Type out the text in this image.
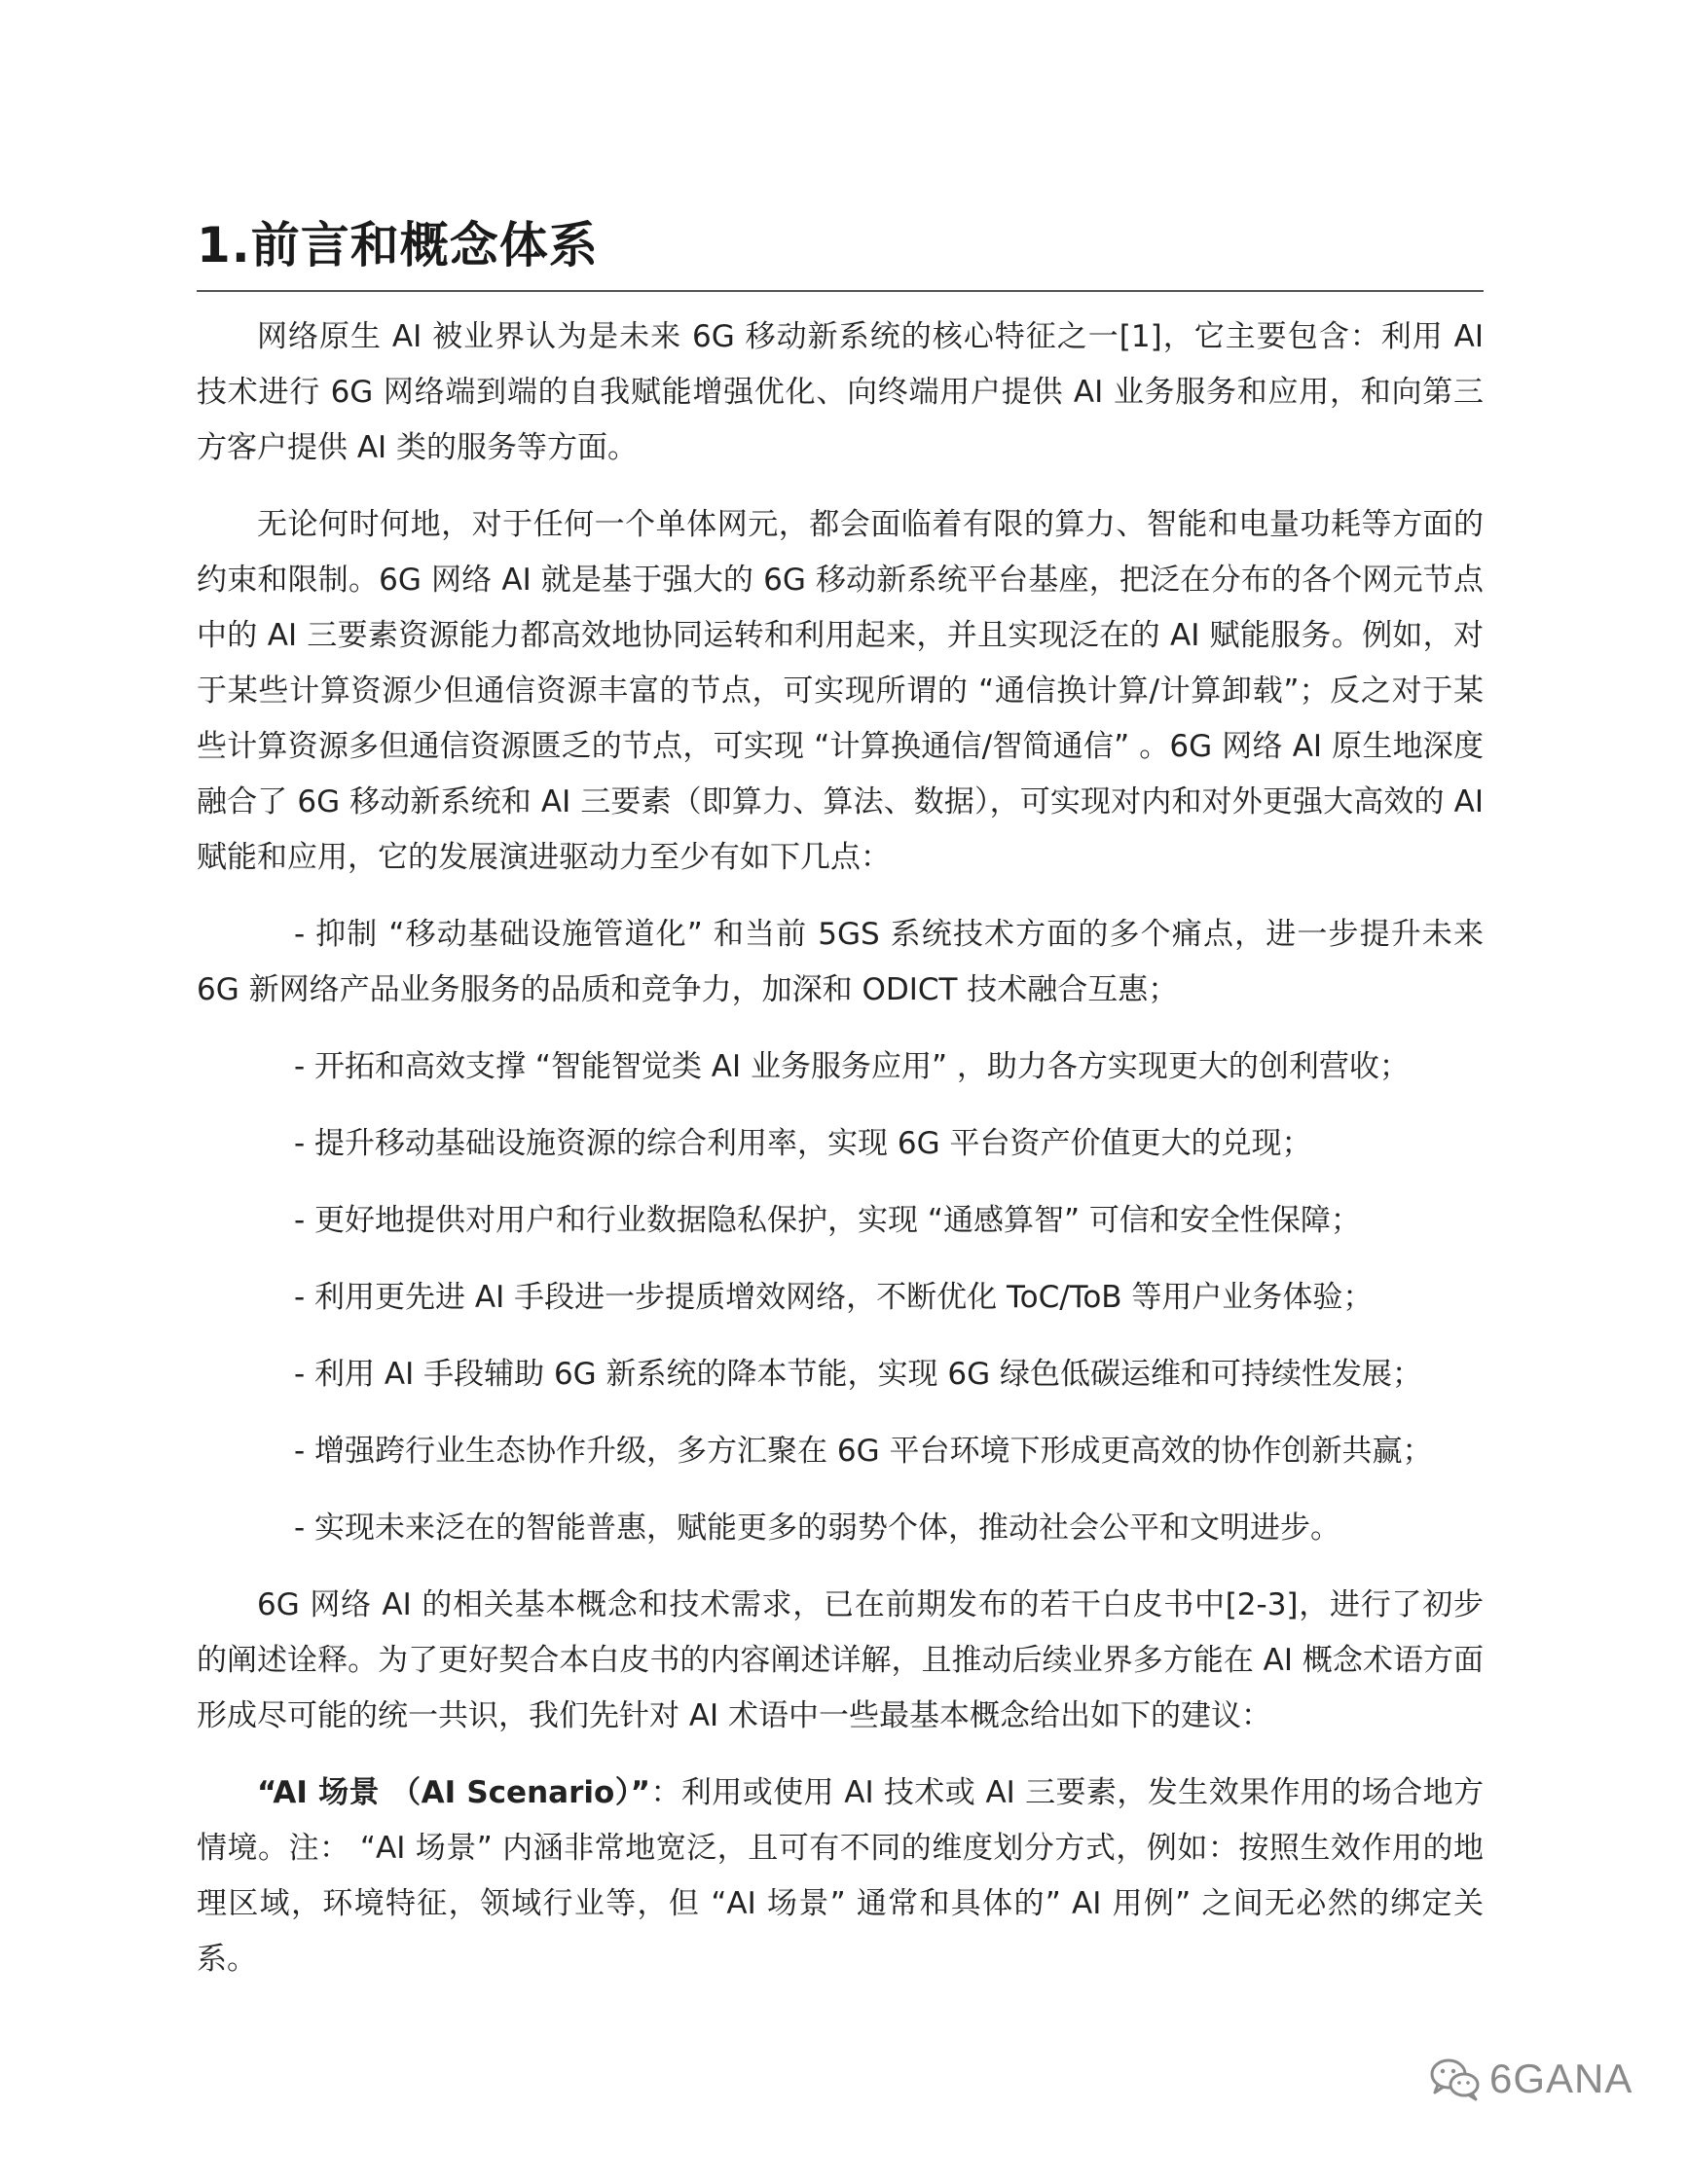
1.前言和概念体系

网络原生 AI 被业界认为是未来 6G 移动新系统的核心特征之一[1]，它主要包含：利用 AI 技术进行 6G 网络端到端的自我赋能增强优化、向终端用户提供 AI 业务服务和应用，和向第三方客户提供 AI 类的服务等方面。

无论何时何地，对于任何一个单体网元，都会面临着有限的算力、智能和电量功耗等方面的约束和限制。6G 网络 AI 就是基于强大的 6G 移动新系统平台基座，把泛在分布的各个网元节点中的 AI 三要素资源能力都高效地协同运转和利用起来，并且实现泛在的 AI 赋能服务。例如，对于某些计算资源少但通信资源丰富的节点，可实现所谓的 “通信换计算/计算卸载”；反之对于某些计算资源多但通信资源匮乏的节点，可实现 “计算换通信/智简通信” 。6G 网络 AI 原生地深度融合了 6G 移动新系统和 AI 三要素（即算力、算法、数据），可实现对内和对外更强大高效的 AI 赋能和应用，它的发展演进驱动力至少有如下几点：

- 抑制 “移动基础设施管道化” 和当前 5GS 系统技术方面的多个痛点，进一步提升未来 6G 新网络产品业务服务的品质和竞争力，加深和 ODICT 技术融合互惠；

- 开拓和高效支撑 “智能智觉类 AI 业务服务应用” ，助力各方实现更大的创利营收；

- 提升移动基础设施资源的综合利用率，实现 6G 平台资产价值更大的兑现；

- 更好地提供对用户和行业数据隐私保护，实现 “通感算智” 可信和安全性保障；

- 利用更先进 AI 手段进一步提质增效网络，不断优化 ToC/ToB 等用户业务体验；

- 利用 AI 手段辅助 6G 新系统的降本节能，实现 6G 绿色低碳运维和可持续性发展；

- 增强跨行业生态协作升级，多方汇聚在 6G 平台环境下形成更高效的协作创新共赢；

- 实现未来泛在的智能普惠，赋能更多的弱势个体，推动社会公平和文明进步。

6G 网络 AI 的相关基本概念和技术需求，已在前期发布的若干白皮书中[2-3]，进行了初步的阐述诠释。为了更好契合本白皮书的内容阐述详解，且推动后续业界多方能在 AI 概念术语方面形成尽可能的统一共识，我们先针对 AI 术语中一些最基本概念给出如下的建议：

“AI 场景 （AI Scenario）”：利用或使用 AI 技术或 AI 三要素，发生效果作用的场合地方情境。注： “AI 场景” 内涵非常地宽泛，且可有不同的维度划分方式，例如：按照生效作用的地理区域，环境特征，领域行业等，但 “AI 场景” 通常和具体的” AI 用例” 之间无必然的绑定关系。

6GANA
